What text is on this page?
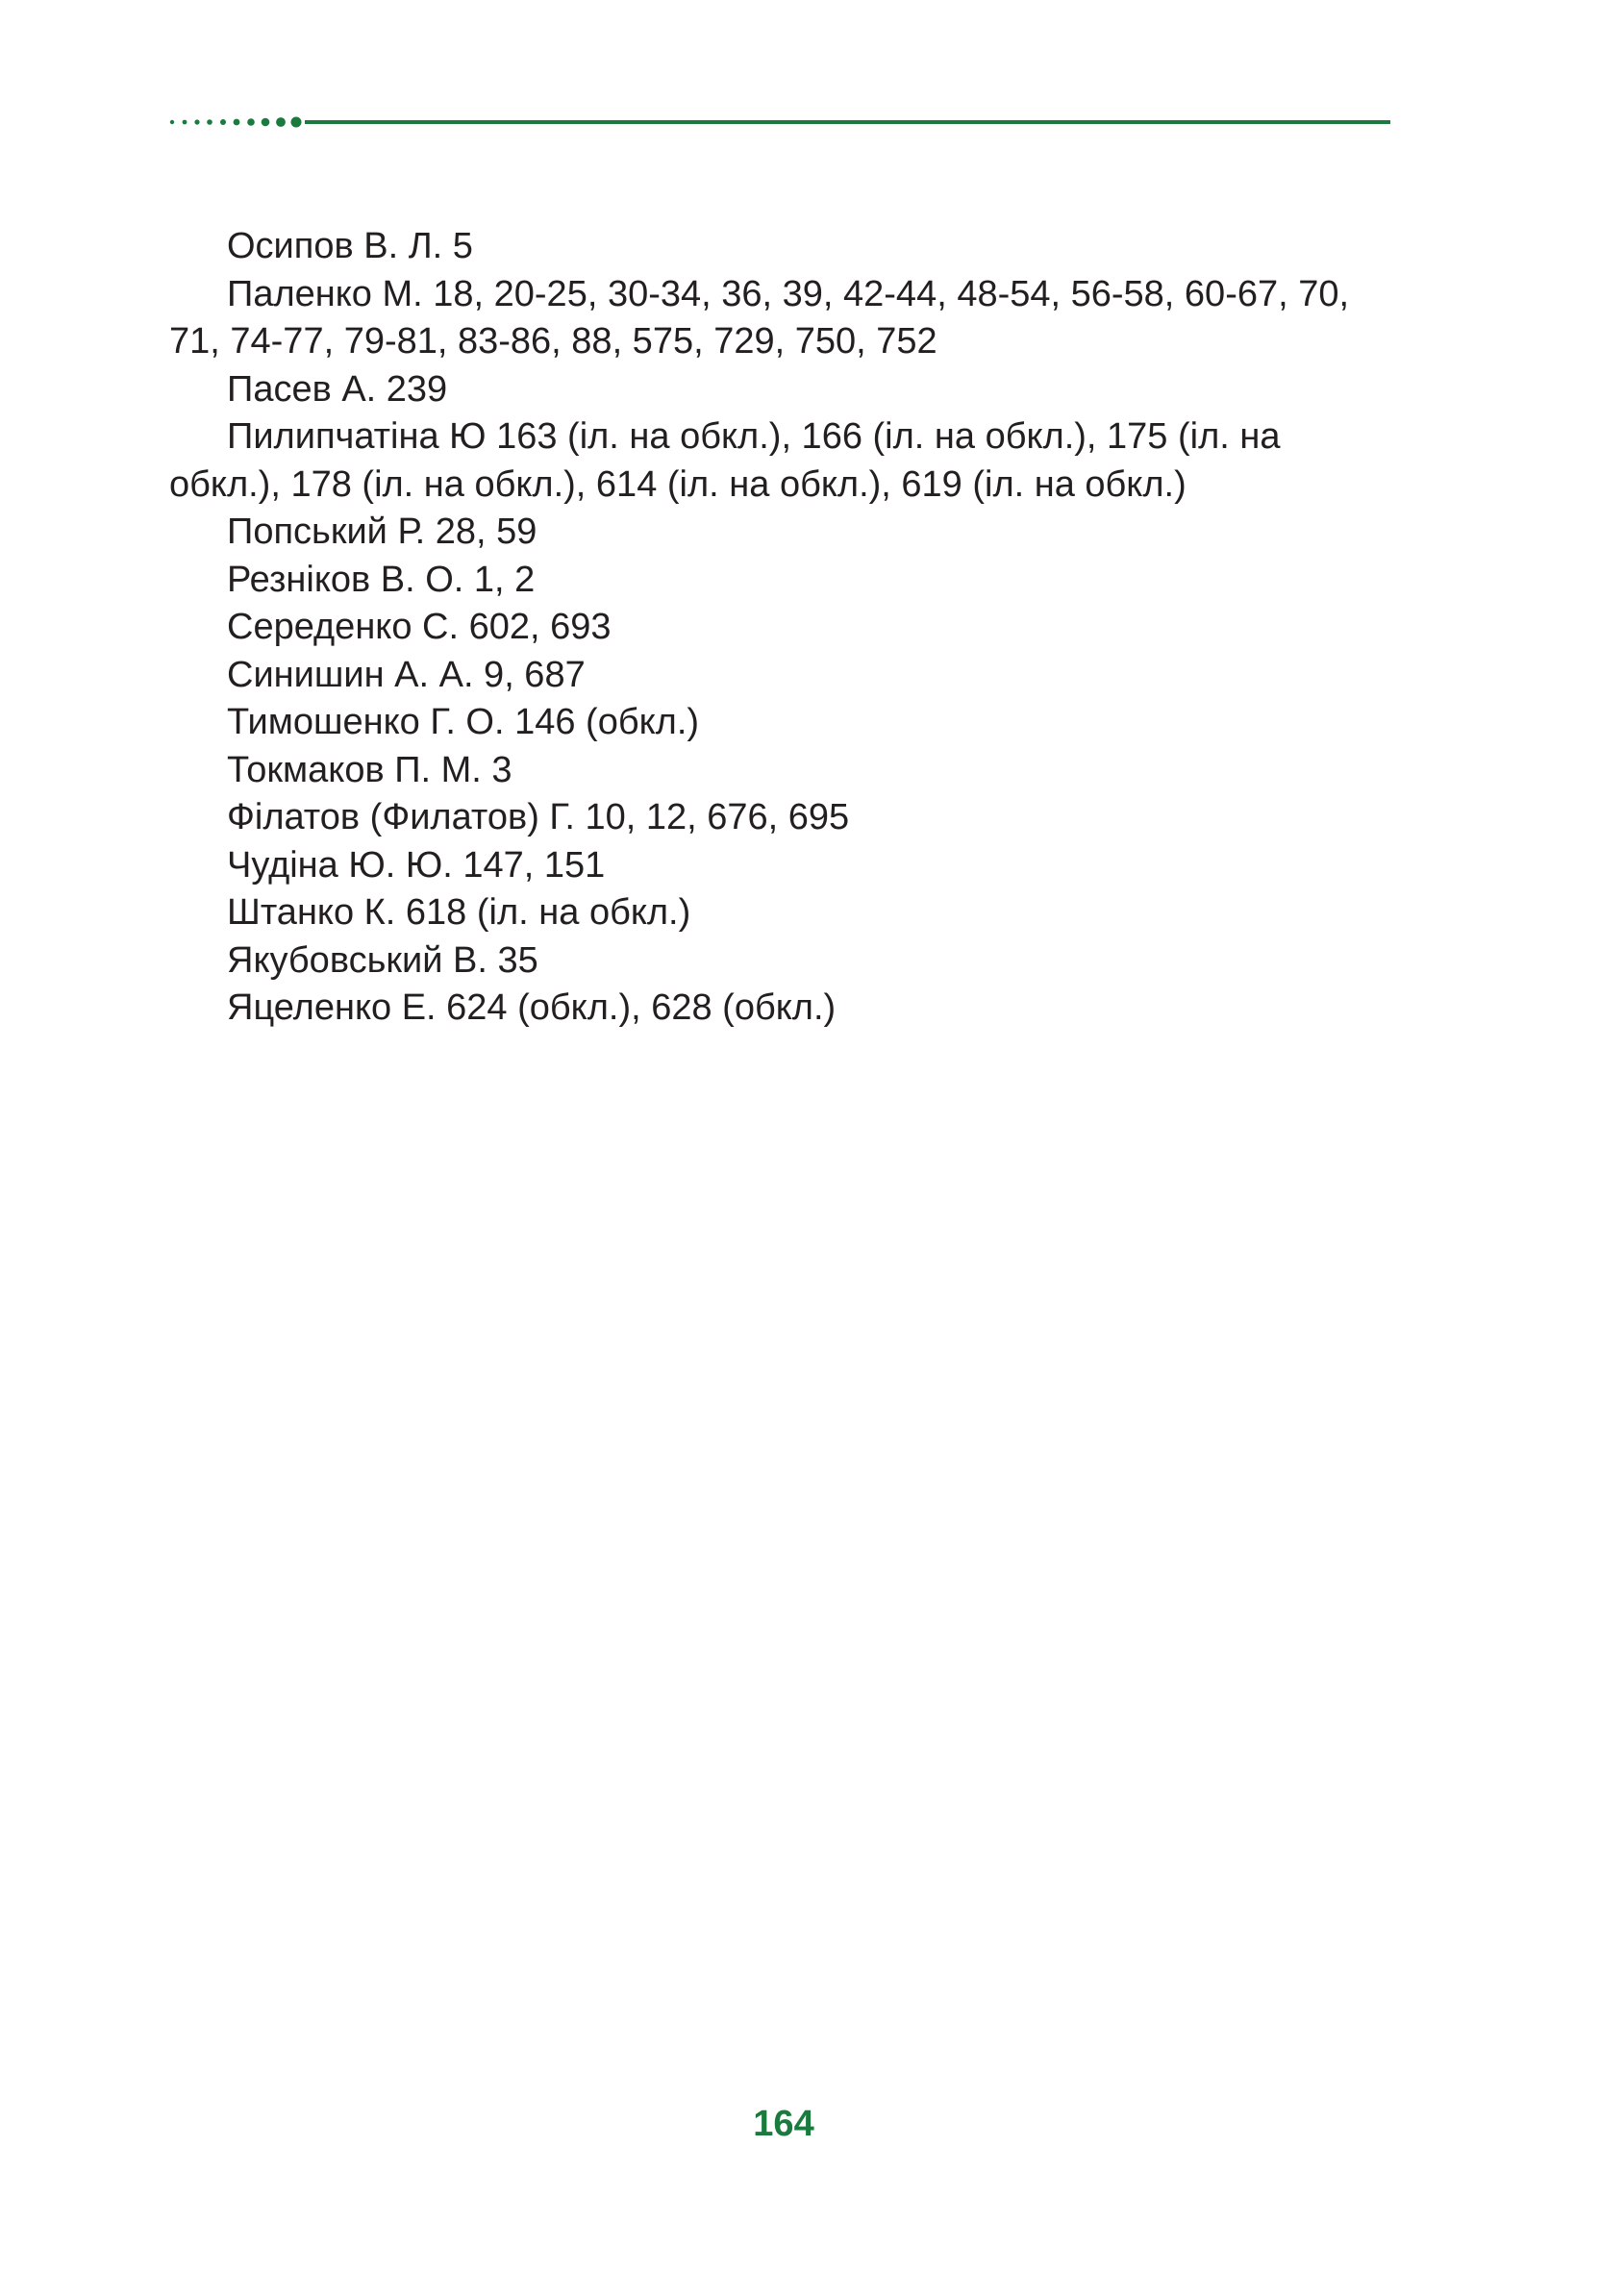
Осипов В. Л. 5
Паленко М. 18, 20-25, 30-34, 36, 39, 42-44, 48-54, 56-58, 60-67, 70, 71, 74-77, 79-81, 83-86, 88, 575, 729, 750, 752
Пасев А. 239
Пилипчатіна Ю 163 (іл. на обкл.), 166 (іл. на обкл.), 175 (іл. на обкл.), 178 (іл. на обкл.), 614 (іл. на обкл.), 619 (іл. на обкл.)
Попський Р. 28, 59
Резніков В. О. 1, 2
Середенко С. 602, 693
Синишин А. А. 9, 687
Тимошенко Г. О. 146 (обкл.)
Токмаков П. М. 3
Філатов (Филатов) Г. 10, 12, 676, 695
Чудіна Ю. Ю. 147, 151
Штанко К. 618 (іл. на обкл.)
Якубовський В. 35
Яцеленко Е. 624 (обкл.), 628 (обкл.)
164
